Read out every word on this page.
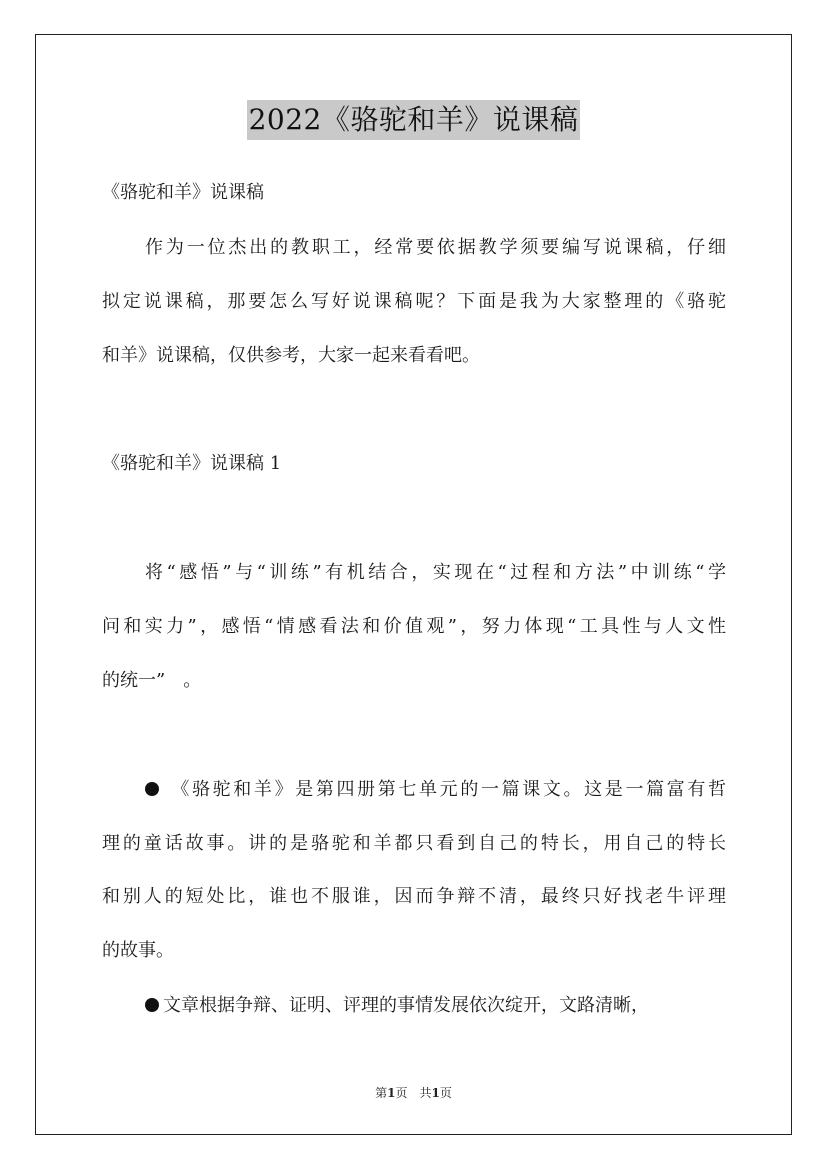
2022《骆驼和羊》说课稿
《骆驼和羊》说课稿
作为一位杰出的教职工，经常要依据教学须要编写说课稿，仔细
拟定说课稿，那要怎么写好说课稿呢？下面是我为大家整理的《骆驼
和羊》说课稿，仅供参考，大家一起来看看吧。
《骆驼和羊》说课稿 1
将“感悟”与“训练”有机结合，实现在“过程和方法”中训练“学
问和实力”，感悟“情感看法和价值观”，努力体现“工具性与人文性
的统一”　。
《骆驼和羊》是第四册第七单元的一篇课文。这是一篇富有哲
理的童话故事。讲的是骆驼和羊都只看到自己的特长，用自己的特长
和别人的短处比，谁也不服谁，因而争辩不清，最终只好找老牛评理
的故事。
文章根据争辩、证明、评理的事情发展依次绽开，文路清晰，
第1页　共1页
